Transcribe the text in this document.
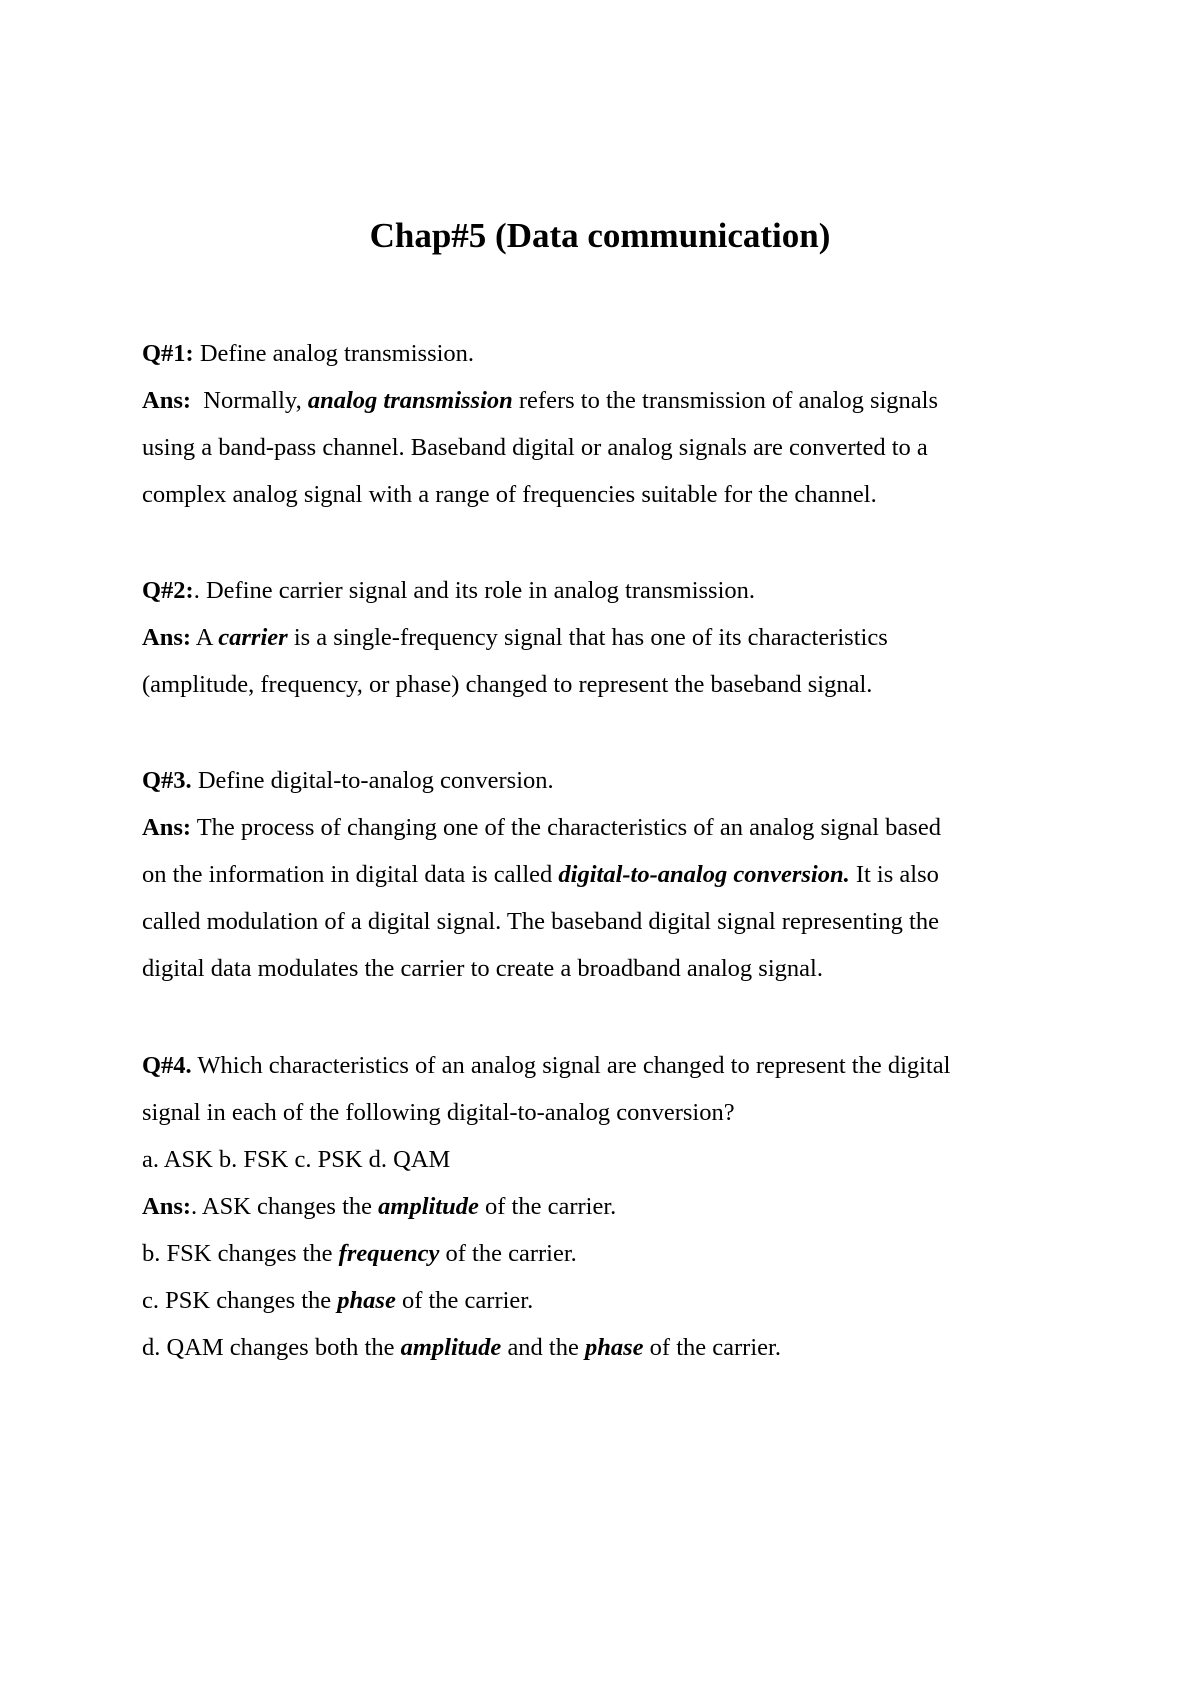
Chap#5 (Data communication)
Q#1: Define analog transmission.
Ans:  Normally, analog transmission refers to the transmission of analog signals
using a band-pass channel. Baseband digital or analog signals are converted to a
complex analog signal with a range of frequencies suitable for the channel.
Q#2:. Define carrier signal and its role in analog transmission.
Ans: A carrier is a single-frequency signal that has one of its characteristics
(amplitude, frequency, or phase) changed to represent the baseband signal.
Q#3. Define digital-to-analog conversion.
Ans: The process of changing one of the characteristics of an analog signal based
on the information in digital data is called digital-to-analog conversion. It is also
called modulation of a digital signal. The baseband digital signal representing the
digital data modulates the carrier to create a broadband analog signal.
Q#4. Which characteristics of an analog signal are changed to represent the digital
signal in each of the following digital-to-analog conversion?
a. ASK b. FSK c. PSK d. QAM
Ans:. ASK changes the amplitude of the carrier.
b. FSK changes the frequency of the carrier.
c. PSK changes the phase of the carrier.
d. QAM changes both the amplitude and the phase of the carrier.
